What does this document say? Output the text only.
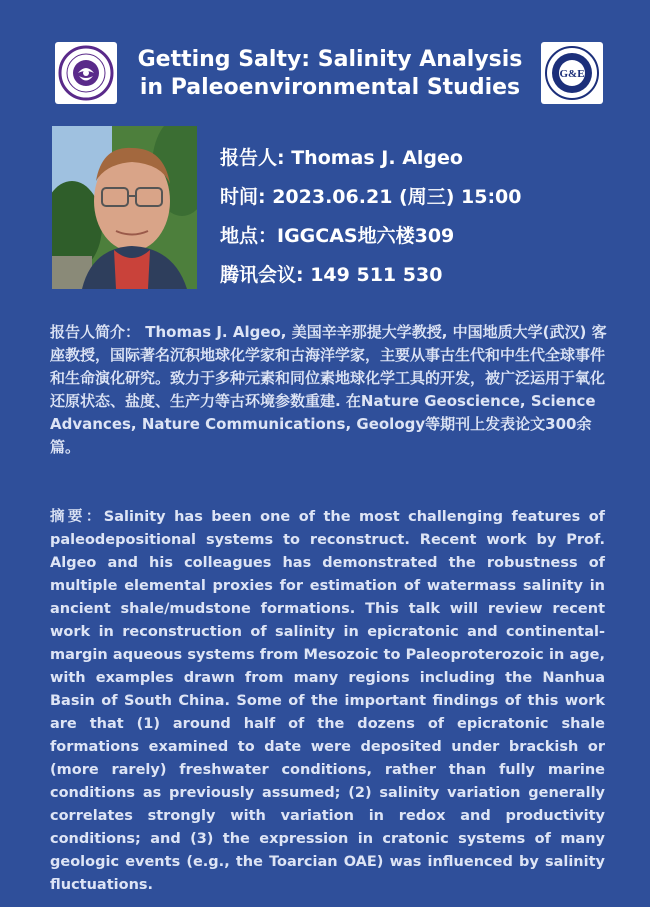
Getting Salty: Salinity Analysis
in Paleoenvironmental Studies
G&E
报告人: Thomas J. Algeo
时间: 2023.06.21 (周三) 15:00
地点：IGGCAS地六楼309
腾讯会议: 149 511 530

报告人简介： Thomas J. Algeo, 美国辛辛那提大学教授, 中国地质大学(武汉) 客座教授，国际著名沉积地球化学家和古海洋学家，主要从事古生代和中生代全球事件和生命演化研究。致力于多种元素和同位素地球化学工具的开发，被广泛运用于氧化还原状态、盐度、生产力等古环境参数重建. 在Nature Geoscience, Science Advances, Nature Communications, Geology等期刊上发表论文300余篇。

摘要：Salinity has been one of the most challenging features of paleodepositional systems to reconstruct. Recent work by Prof. Algeo and his colleagues has demonstrated the robustness of multiple elemental proxies for estimation of watermass salinity in ancient shale/mudstone formations. This talk will review recent work in reconstruction of salinity in epicratonic and continental-margin aqueous systems from Mesozoic to Paleoproterozoic in age, with examples drawn from many regions including the Nanhua Basin of South China. Some of the important findings of this work are that (1) around half of the dozens of epicratonic shale formations examined to date were deposited under brackish or (more rarely) freshwater conditions, rather than fully marine conditions as previously assumed; (2) salinity variation generally correlates strongly with variation in redox and productivity conditions; and (3) the expression in cratonic systems of many geologic events (e.g., the Toarcian OAE) was influenced by salinity fluctuations.
